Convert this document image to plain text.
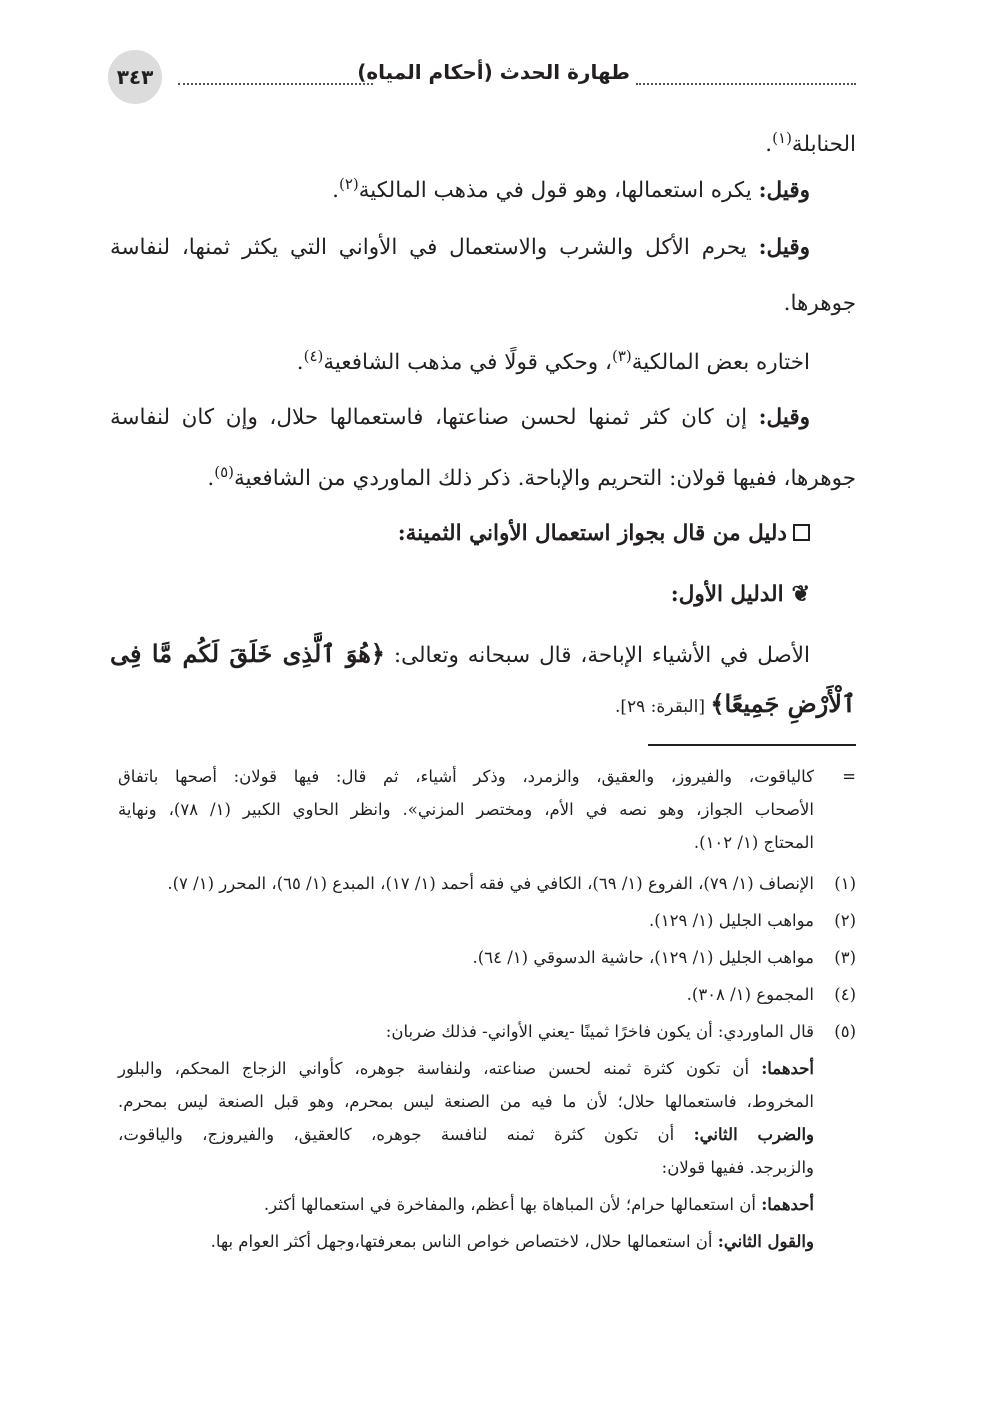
٣٤٣	طهارة الحدث (أحكام المياه)
الحنابلة$^{(١)}$.
وقيل: يكره استعمالها، وهو قول في مذهب المالكية$^{(٢)}$.
وقيل: يحرم الأكل والشرب والاستعمال في الأواني التي يكثر ثمنها، لنفاسة
جوهرها.
اختاره بعض المالكية$^{(٣)}$، وحكي قولًا في مذهب الشافعية$^{(٤)}$.
وقيل: إن كان كثر ثمنها لحسن صناعتها، فاستعمالها حلال، وإن كان لنفاسة
جوهرها، ففيها قولان: التحريم والإباحة. ذكر ذلك الماوردي من الشافعية$^{(٥)}$.
دليل من قال بجواز استعمال الأواني الثمينة:
❦الدليل الأول:
الأصل في الأشياء الإباحة، قال سبحانه وتعالى: ﴿هُوَ ٱلَّذِى خَلَقَ لَكُم مَّا فِى
ٱلْأَرْضِ جَمِيعًا﴾ [البقرة: ٢٩].
=كالياقوت، والفيروز، والعقيق، والزمرد، وذكر أشياء، ثم قال: فيها قولان: أصحها باتفاق
الأصحاب الجواز، وهو نصه في الأم، ومختصر المزني». وانظر الحاوي الكبير (١/ ٧٨)، ونهاية
المحتاج (١/ ١٠٢).
(١)الإنصاف (١/ ٧٩)، الفروع (١/ ٦٩)، الكافي في فقه أحمد (١/ ١٧)، المبدع (١/ ٦٥)، المحرر (١/ ٧).
(٢)مواهب الجليل (١/ ١٢٩).
(٣)مواهب الجليل (١/ ١٢٩)، حاشية الدسوقي (١/ ٦٤).
(٤)المجموع (١/ ٣٠٨).
(٥)قال الماوردي: أن يكون فاخرًا ثمينًا -يعني الأواني- فذلك ضربان:
أحدهما: أن تكون كثرة ثمنه لحسن صناعته، ولنفاسة جوهره، كأواني الزجاج المحكم، والبلور
المخروط، فاستعمالها حلال؛ لأن ما فيه من الصنعة ليس بمحرم، وهو قبل الصنعة ليس بمحرم.
والضرب الثاني: أن تكون كثرة ثمنه لنافسة جوهره، كالعقيق، والفيروزج، والياقوت،
والزبرجد. ففيها قولان:
أحدهما: أن استعمالها حرام؛ لأن المباهاة بها أعظم، والمفاخرة في استعمالها أكثر.
والقول الثاني: أن استعمالها حلال، لاختصاص خواص الناس بمعرفتها،وجهل أكثر العوام بها.
